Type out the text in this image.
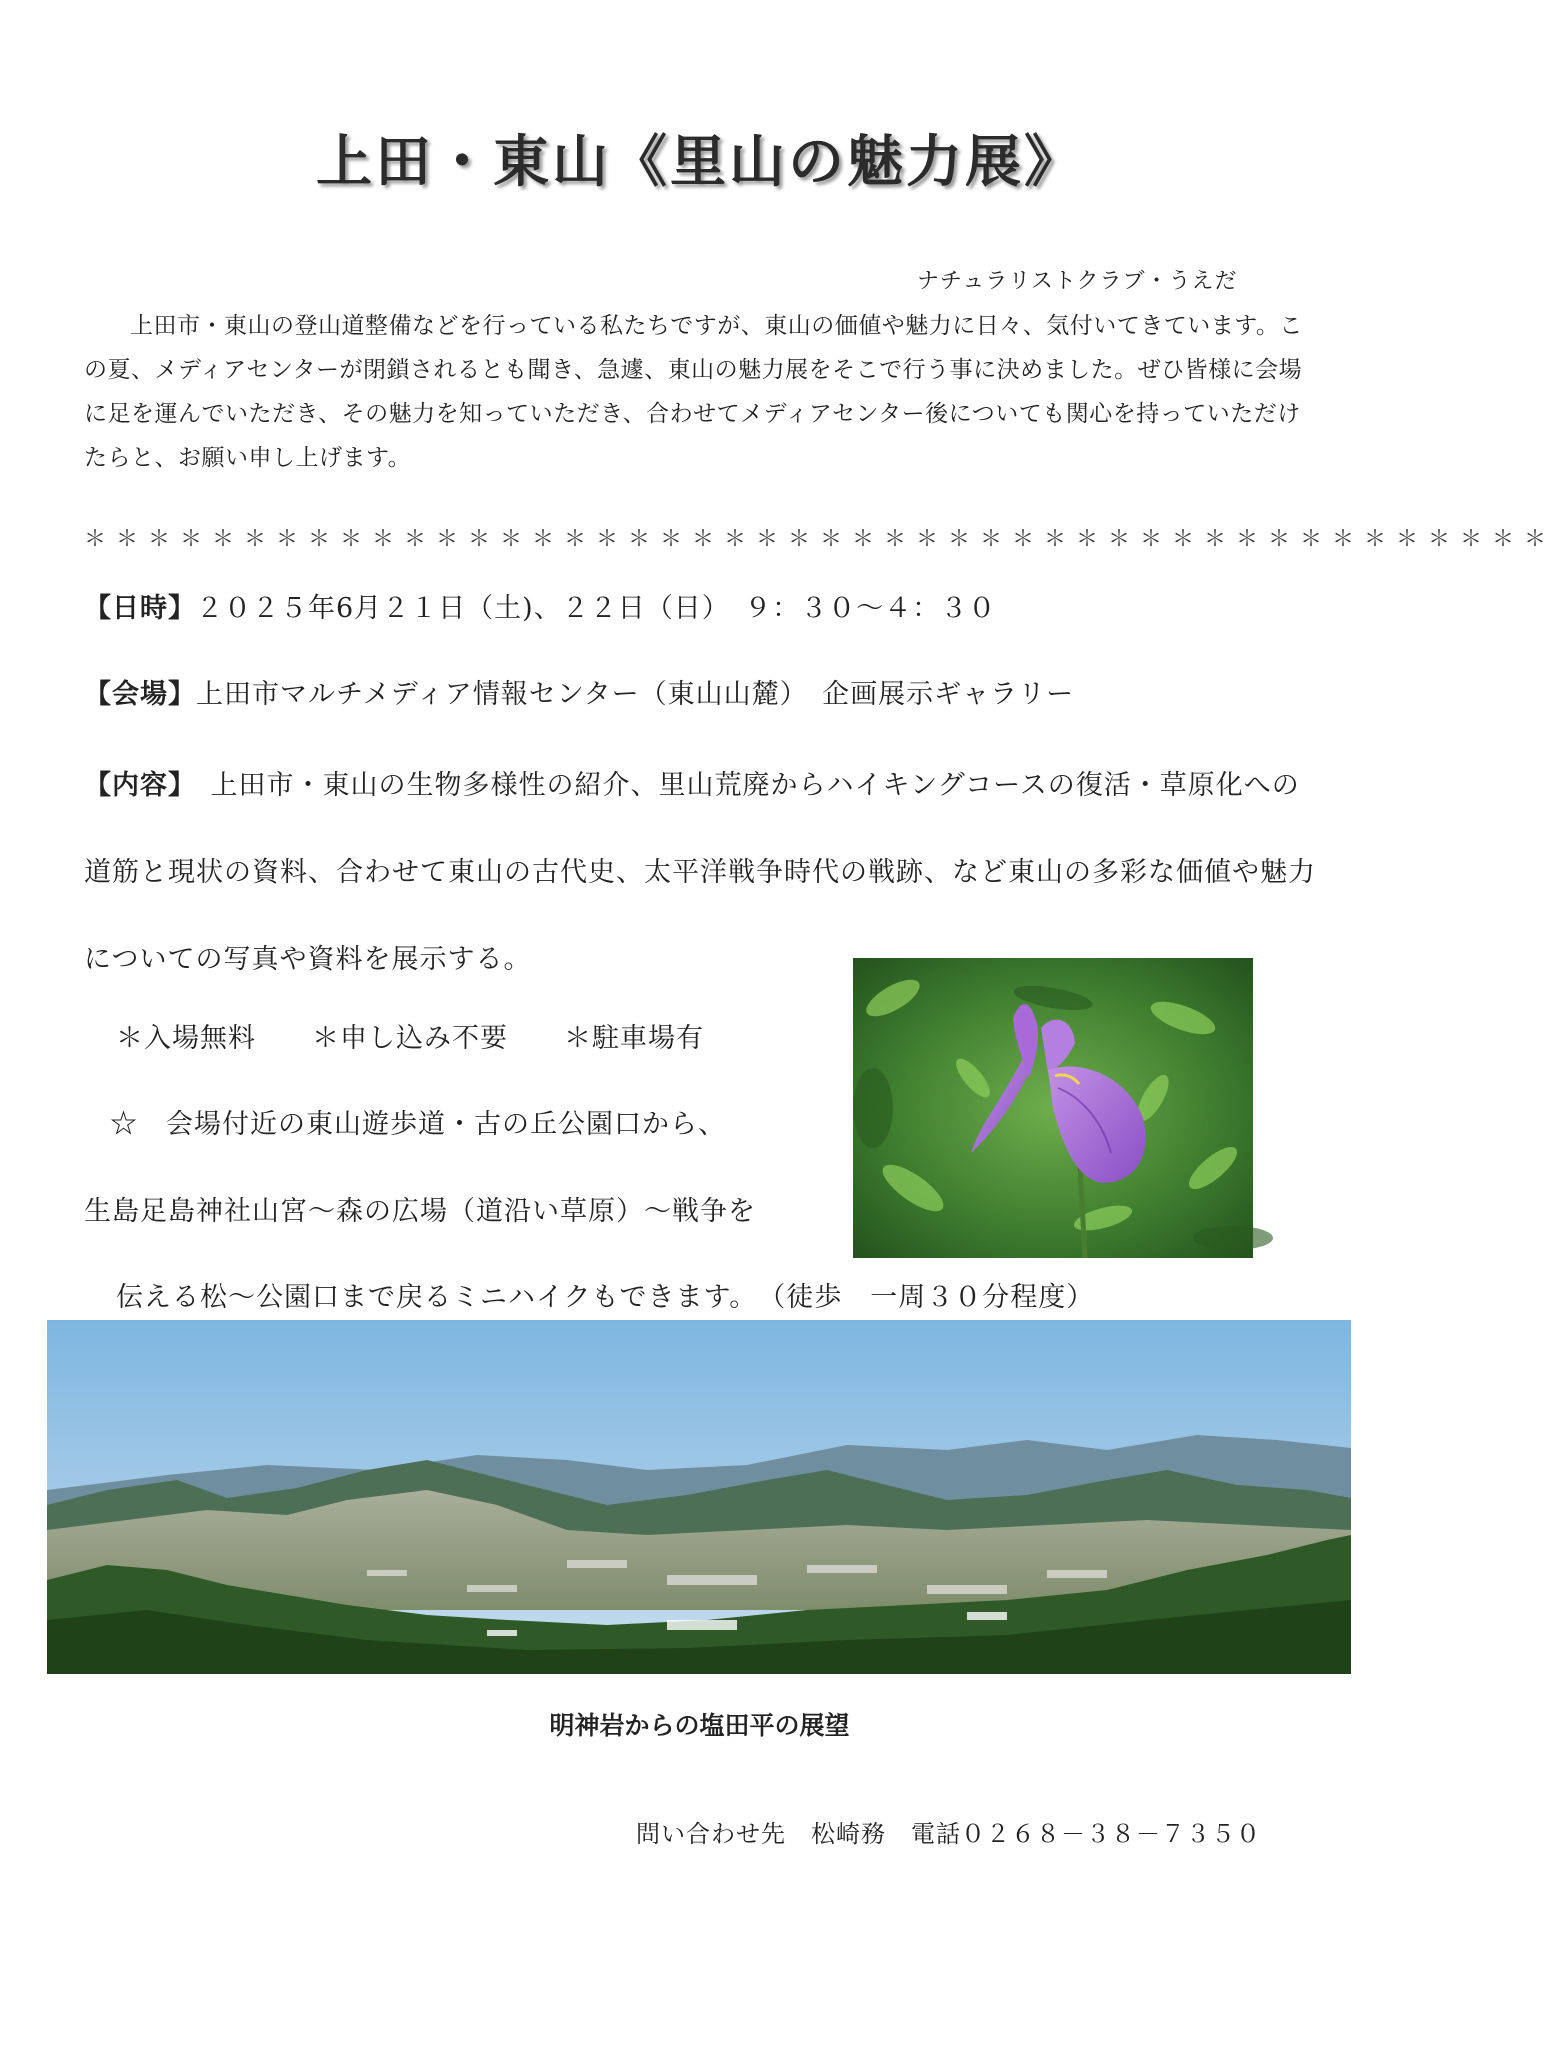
上田・東山《里山の魅力展》
ナチュラリストクラブ・うえだ
上田市・東山の登山道整備などを行っている私たちですが、東山の価値や魅力に日々、気付いてきています。この夏、メディアセンターが閉鎖されるとも聞き、急遽、東山の魅力展をそこで行う事に決めました。ぜひ皆様に会場に足を運んでいただき、その魅力を知っていただき、合わせてメディアセンター後についても関心を持っていただけたらと、お願い申し上げます。
＊＊＊＊＊＊＊＊＊＊＊＊＊＊＊＊＊＊＊＊＊＊＊＊＊＊＊＊＊＊＊＊＊＊＊＊＊＊＊＊＊＊＊＊＊＊
【日時】２０２５年6月２１日（土)、２２日（日）　９：３０～４：３０
【会場】上田市マルチメディア情報センター（東山山麓）　企画展示ギャラリー
【内容】　上田市・東山の生物多様性の紹介、里山荒廃からハイキングコースの復活・草原化への道筋と現状の資料、合わせて東山の古代史、太平洋戦争時代の戦跡、など東山の多彩な価値や魅力についての写真や資料を展示する。
＊入場無料　　＊申し込み不要　　＊駐車場有
☆　会場付近の東山遊歩道・古の丘公園口から、
生島足島神社山宮～森の広場（道沿い草原）～戦争を
伝える松～公園口まで戻るミニハイクもできます。　（徒歩　一周３０分程度）
明神岩からの塩田平の展望
問い合わせ先　松崎務　電話０２６８－３８－７３５０
